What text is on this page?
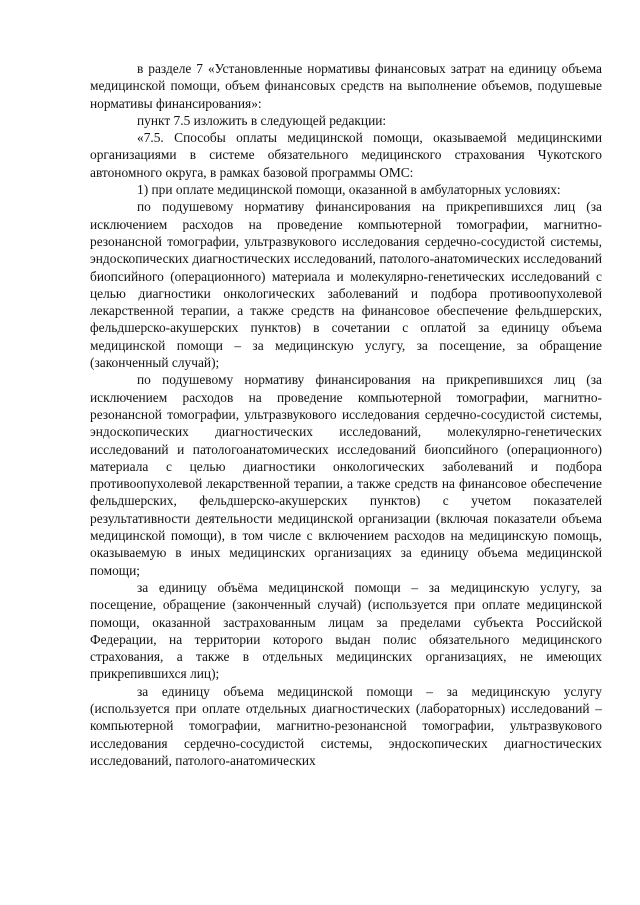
в разделе 7 «Установленные нормативы финансовых затрат на единицу объема медицинской помощи, объем финансовых средств на выполнение объемов, подушевые нормативы финансирования»:

пункт 7.5 изложить в следующей редакции:

«7.5. Способы оплаты медицинской помощи, оказываемой медицинскими организациями в системе обязательного медицинского страхования Чукотского автономного округа, в рамках базовой программы ОМС:

1) при оплате медицинской помощи, оказанной в амбулаторных условиях:

по подушевому нормативу финансирования на прикрепившихся лиц (за исключением расходов на проведение компьютерной томографии, магнитно-резонансной томографии, ультразвукового исследования сердечно-сосудистой системы, эндоскопических диагностических исследований, патолого-анатомических исследований биопсийного (операционного) материала и молекулярно-генетических исследований с целью диагностики онкологических заболеваний и подбора противоопухолевой лекарственной терапии, а также средств на финансовое обеспечение фельдшерских, фельдшерско-акушерских пунктов) в сочетании с оплатой за единицу объема медицинской помощи – за медицинскую услугу, за посещение, за обращение (законченный случай);

по подушевому нормативу финансирования на прикрепившихся лиц (за исключением расходов на проведение компьютерной томографии, магнитно-резонансной томографии, ультразвукового исследования сердечно-сосудистой системы, эндоскопических диагностических исследований, молекулярно-генетических исследований и патологоанатомических исследований биопсийного (операционного) материала с целью диагностики онкологических заболеваний и подбора противоопухолевой лекарственной терапии, а также средств на финансовое обеспечение фельдшерских, фельдшерско-акушерских пунктов) с учетом показателей результативности деятельности медицинской организации (включая показатели объема медицинской помощи), в том числе с включением расходов на медицинскую помощь, оказываемую в иных медицинских организациях за единицу объема медицинской помощи;

за единицу объёма медицинской помощи – за медицинскую услугу, за посещение, обращение (законченный случай) (используется при оплате медицинской помощи, оказанной застрахованным лицам за пределами субъекта Российской Федерации, на территории которого выдан полис обязательного медицинского страхования, а также в отдельных медицинских организациях, не имеющих прикрепившихся лиц);

за единицу объема медицинской помощи – за медицинскую услугу (используется при оплате отдельных диагностических (лабораторных) исследований – компьютерной томографии, магнитно-резонансной томографии, ультразвукового исследования сердечно-сосудистой системы, эндоскопических диагностических исследований, патолого-анатомических
